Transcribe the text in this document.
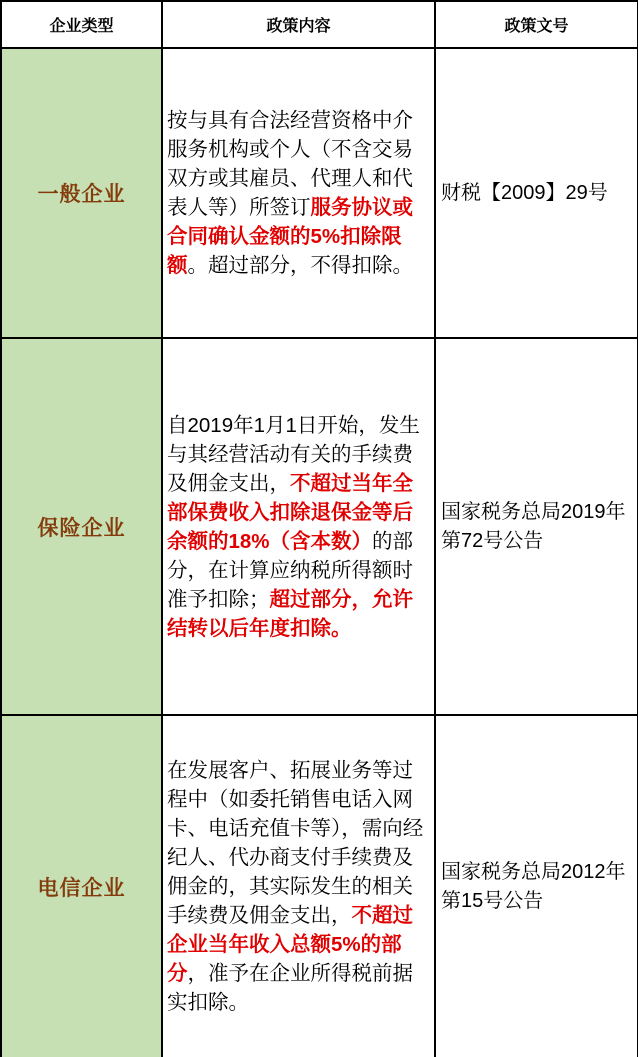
企业类型	政策内容	政策文号
一般企业	按与具有合法经营资格中介服务机构或个人（不含交易双方或其雇员、代理人和代表人等）所签订服务协议或合同确认金额的5%扣除限额。超过部分，不得扣除。	财税【2009】29号

保险企业	自2019年1月1日开始，发生与其经营活动有关的手续费及佣金支出，不超过当年全部保费收入扣除退保金等后余额的18%（含本数）的部分，在计算应纳税所得额时准予扣除；超过部分，允许结转以后年度扣除。	国家税务总局2019年第72号公告

电信企业	在发展客户、拓展业务等过程中（如委托销售电话入网卡、电话充值卡等），需向经纪人、代办商支付手续费及佣金的，其实际发生的相关手续费及佣金支出，不超过企业当年收入总额5%的部分，准予在企业所得税前据实扣除。	国家税务总局2012年第15号公告
